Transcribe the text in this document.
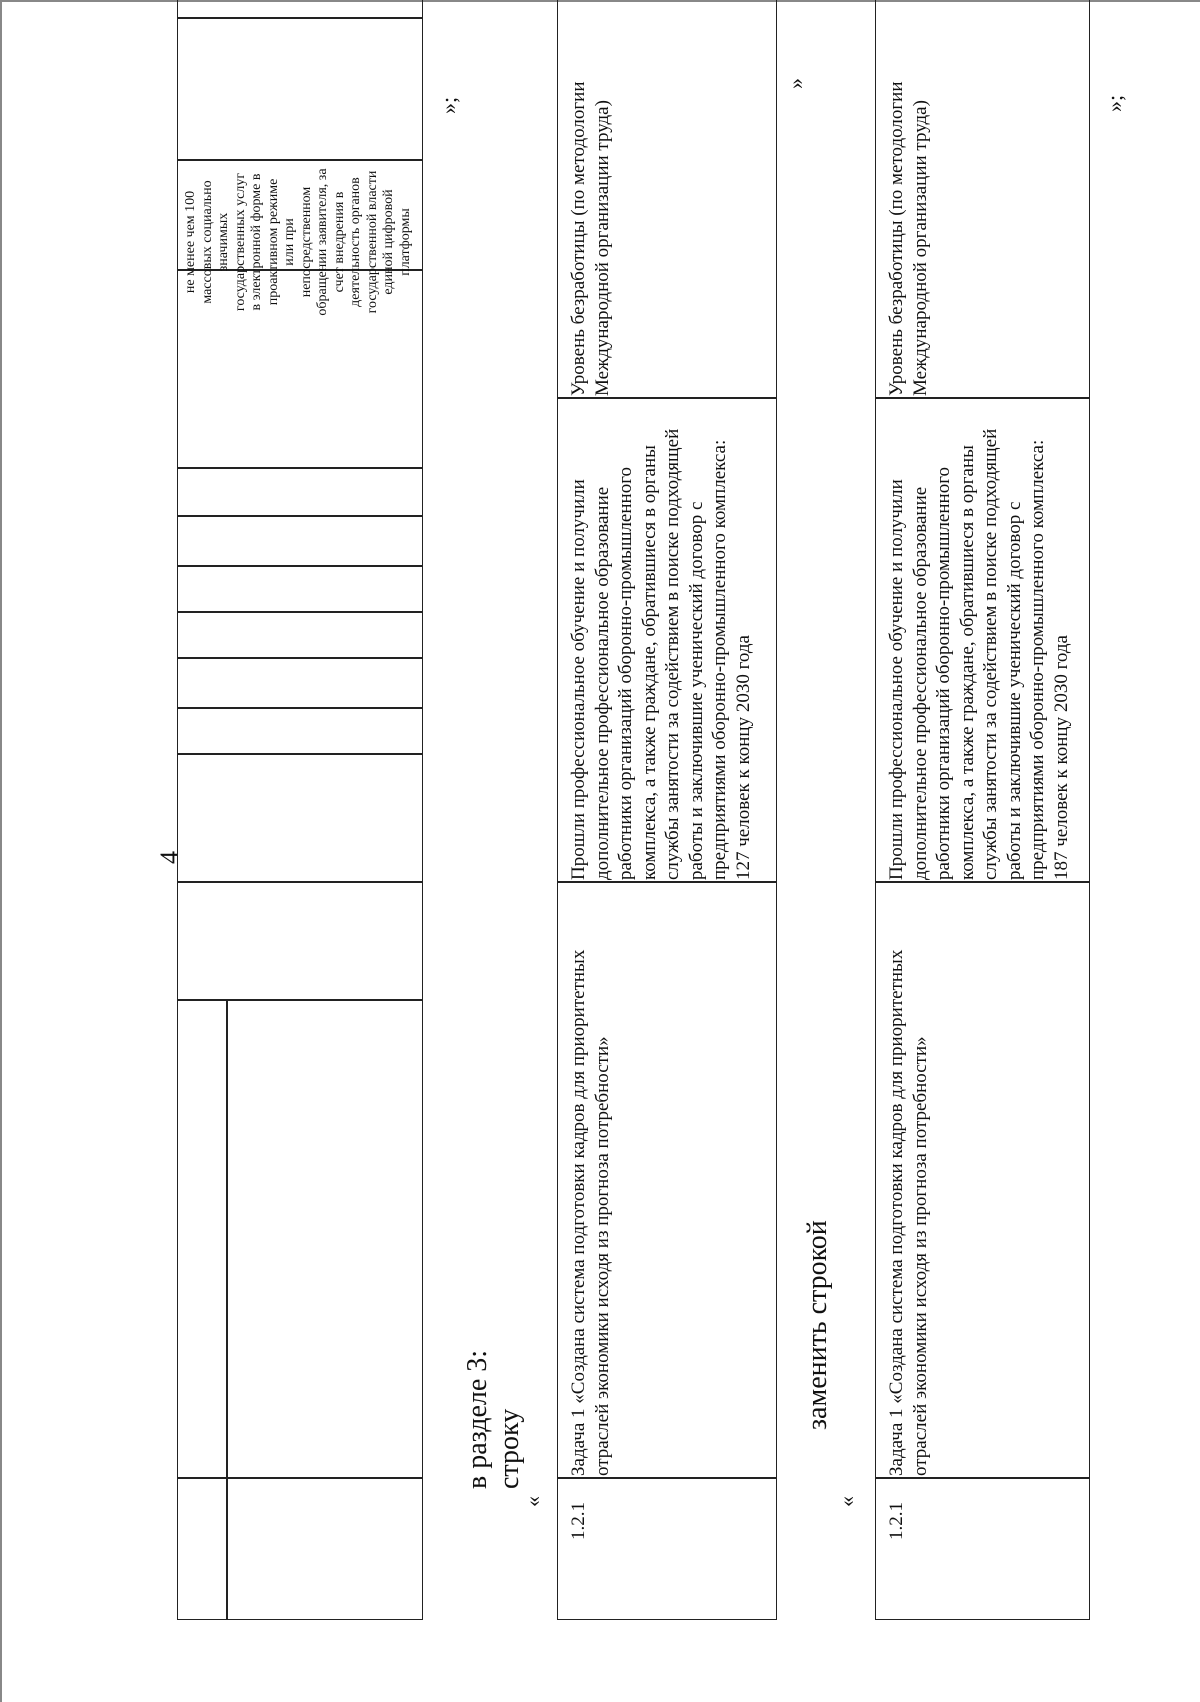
4
не менее чем 100 массовых социально значимых государственных услуг в электронной форме в проактивном режиме или при непосредственном обращении заявителя, за счет внедрения в деятельность органов государственной власти единой цифровой платформы
»;
в разделе 3: строку
«
1.2.1
Задача 1 «Создана система подготовки кадров для приоритетных отраслей экономики исходя из прогноза потребности»
Прошли профессиональное обучение и получили дополнительное профессиональное образование работники организаций оборонно-промышленного комплекса, а также граждане, обратившиеся в органы службы занятости за содействием в поиске подходящей работы и заключившие ученический договор с предприятиями оборонно-промышленного комплекса: 127 человек к концу 2030 года
Уровень безработицы (по методологии Международной организации труда)
»
заменить строкой
«
1.2.1
Задача 1 «Создана система подготовки кадров для приоритетных отраслей экономики исходя из прогноза потребности»
Прошли профессиональное обучение и получили дополнительное профессиональное образование работники организаций оборонно-промышленного комплекса, а также граждане, обратившиеся в органы службы занятости за содействием в поиске подходящей работы и заключившие ученический договор с предприятиями оборонно-промышленного комплекса: 187 человек к концу 2030 года
Уровень безработицы (по методологии Международной организации труда)	»;
